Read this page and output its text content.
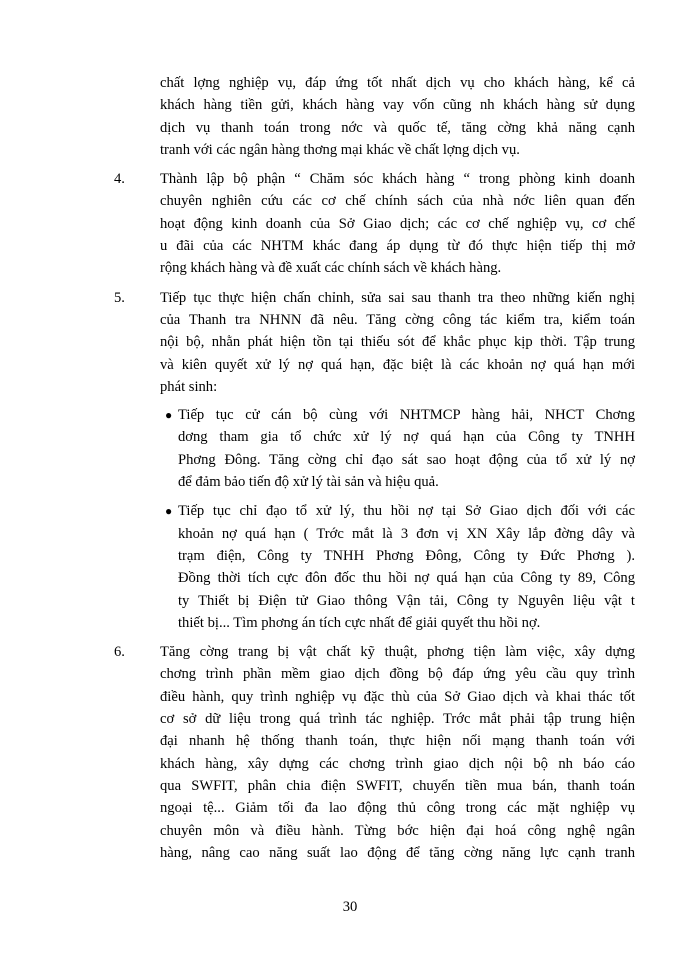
chất lợng nghiệp vụ, đáp ứng tốt nhất dịch vụ cho khách hàng, kể cả
khách hàng tiền gửi, khách hàng vay vốn cũng nh khách hàng sử dụng
dịch vụ thanh toán trong nớc và quốc tế, tăng cờng khả năng cạnh
tranh với các ngân hàng thơng mại khác về chất lợng dịch vụ.
4. Thành lập bộ phận “ Chăm sóc khách hàng “ trong phòng kinh doanh
chuyên nghiên cứu các cơ chế chính sách của nhà nớc liên quan đến
hoạt động kinh doanh của Sở Giao dịch; các cơ chế nghiệp vụ, cơ chế
u đãi của các NHTM khác đang áp dụng từ đó thực hiện tiếp thị mở
rộng khách hàng và đề xuất các chính sách về khách hàng.
5. Tiếp tục thực hiện chấn chỉnh, sửa sai sau thanh tra theo những kiến nghị
của Thanh tra NHNN đã nêu. Tăng cờng công tác kiểm tra, kiểm toán
nội bộ, nhằn phát hiện tồn tại thiếu sót để khắc phục kịp thời. Tập trung
và kiên quyết xử lý nợ quá hạn, đặc biệt là các khoản nợ quá hạn mới
phát sinh:
● Tiếp tục cử cán bộ cùng với NHTMCP hàng hải, NHCT Chơng
dơng tham gia tổ chức xử lý nợ quá hạn của Công ty TNHH
Phơng Đông. Tăng cờng chỉ đạo sát sao hoạt động của tổ xử lý nợ
để đảm bảo tiến độ xử lý tài sản và hiệu quả.
● Tiếp tục chỉ đạo tổ xử lý, thu hồi nợ tại Sở Giao dịch đối với các
khoản nợ quá hạn ( Trớc mắt là 3 đơn vị XN Xây lắp đờng dây và
trạm điện, Công ty TNHH Phơng Đông, Công ty Đức Phơng ).
Đồng thời tích cực đôn đốc thu hồi nợ quá hạn của Công ty 89, Công
ty Thiết bị Điện tử Giao thông Vận tải, Công ty Nguyên liệu vật t
thiết bị... Tìm phơng án tích cực nhất để giải quyết thu hồi nợ.
6. Tăng cờng trang bị vật chất kỹ thuật, phơng tiện làm việc, xây dựng
chơng trình phần mềm giao dịch đồng bộ đáp ứng yêu cầu quy trình
điều hành, quy trình nghiệp vụ đặc thù của Sở Giao dịch và khai thác tốt
cơ sở dữ liệu trong quá trình tác nghiệp. Trớc mắt phải tập trung hiện
đại nhanh hệ thống thanh toán, thực hiện nối mạng thanh toán với
khách hàng, xây dựng các chơng trình giao dịch nội bộ nh báo cáo
qua SWFIT, phân chia điện SWFIT, chuyển tiền mua bán, thanh toán
ngoại tệ... Giảm tối đa lao động thủ công trong các mặt nghiệp vụ
chuyên môn và điều hành. Từng bớc hiện đại hoá công nghệ ngân
hàng, nâng cao năng suất lao động để tăng cờng năng lực cạnh tranh
30
